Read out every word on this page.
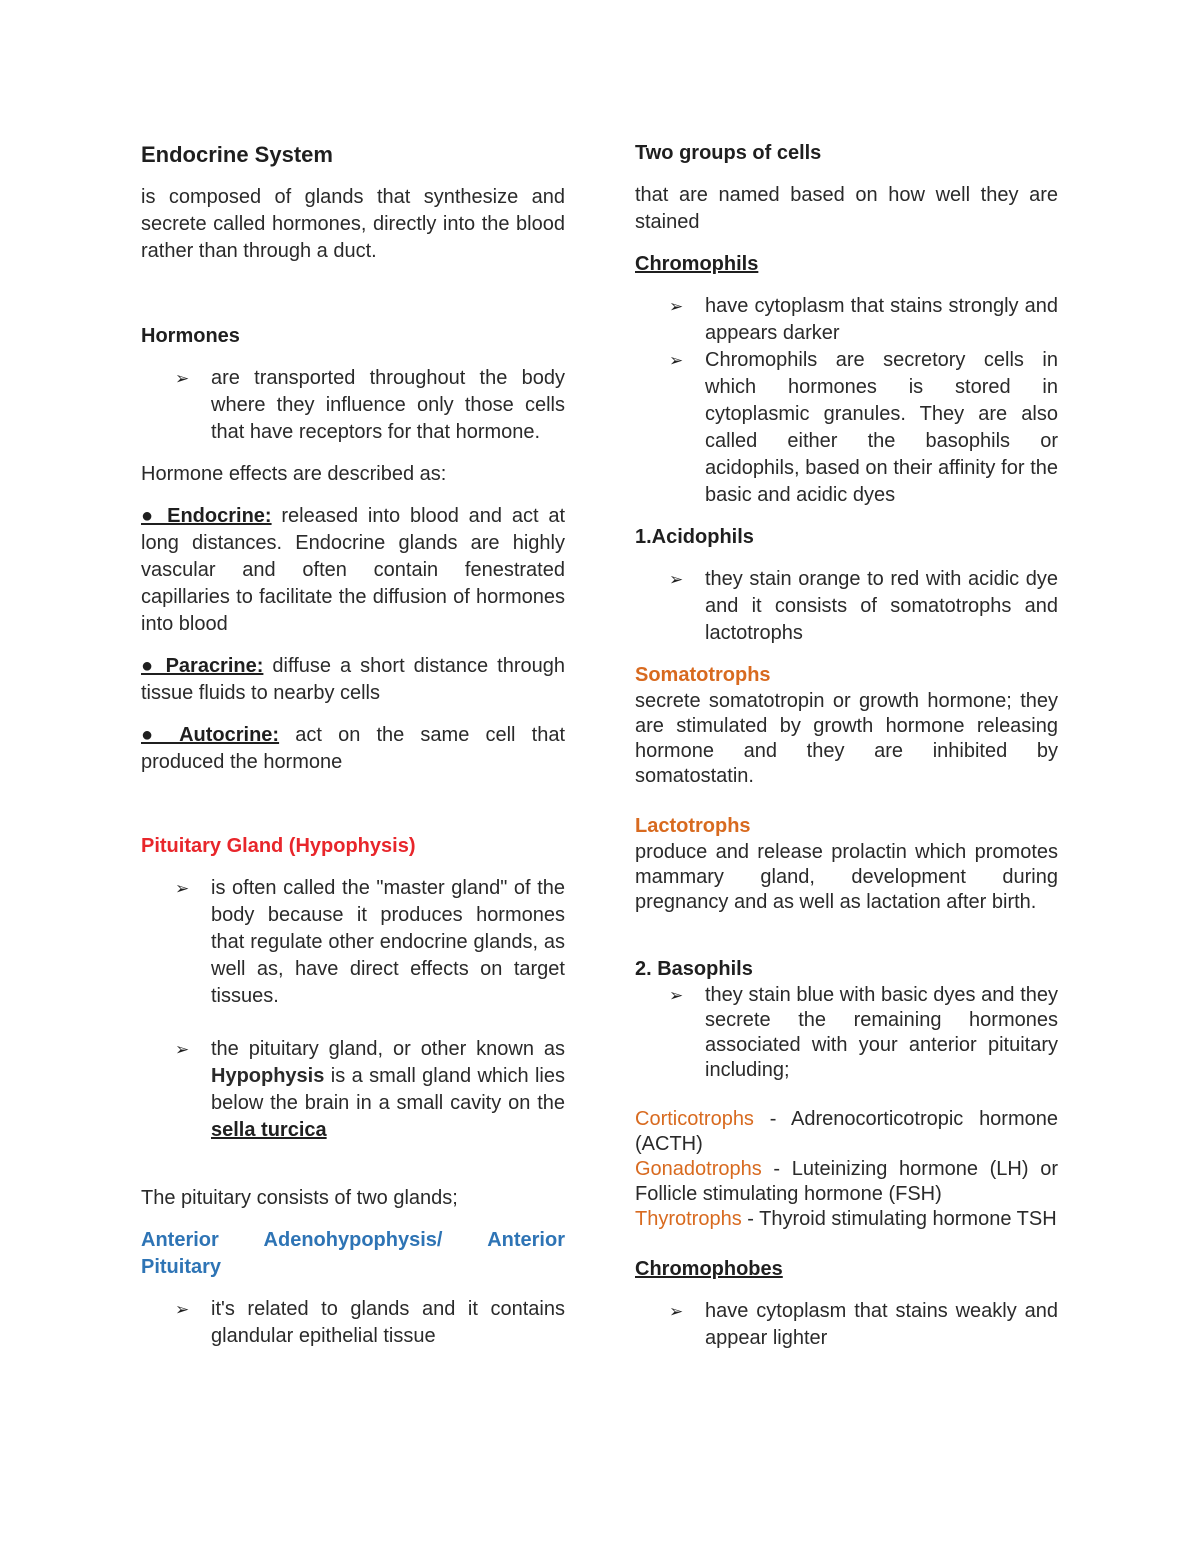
Endocrine System

is composed of glands that synthesize and secrete called hormones, directly into the blood rather than through a duct.

Hormones

➢ are transported throughout the body where they influence only those cells that have receptors for that hormone.

Hormone effects are described as:

● Endocrine: released into blood and act at long distances. Endocrine glands are highly vascular and often contain fenestrated capillaries to facilitate the diffusion of hormones into blood

● Paracrine: diffuse a short distance through tissue fluids to nearby cells

● Autocrine: act on the same cell that produced the hormone

Pituitary Gland (Hypophysis)

➢ is often called the "master gland" of the body because it produces hormones that regulate other endocrine glands, as well as, have direct effects on target tissues.
➢ the pituitary gland, or other known as Hypophysis is a small gland which lies below the brain in a small cavity on the sella turcica

The pituitary consists of two glands;

Anterior Adenohypophysis/ Anterior Pituitary

➢ it's related to glands and it contains glandular epithelial tissue

Two groups of cells

that are named based on how well they are stained

Chromophils

➢ have cytoplasm that stains strongly and appears darker
➢ Chromophils are secretory cells in which hormones is stored in cytoplasmic granules. They are also called either the basophils or acidophils, based on their affinity for the basic and acidic dyes

1.Acidophils

➢ they stain orange to red with acidic dye and it consists of somatotrophs and lactotrophs

Somatotrophs

secrete somatotropin or growth hormone; they are stimulated by growth hormone releasing hormone and they are inhibited by somatostatin.

Lactotrophs

produce and release prolactin which promotes mammary gland, development during pregnancy and as well as lactation after birth.

2. Basophils

➢ they stain blue with basic dyes and they secrete the remaining hormones associated with your anterior pituitary including;

Corticotrophs - Adrenocorticotropic hormone (ACTH)

Gonadotrophs - Luteinizing hormone (LH) or Follicle stimulating hormone (FSH)

Thyrotrophs - Thyroid stimulating hormone TSH

Chromophobes

➢ have cytoplasm that stains weakly and appear lighter
